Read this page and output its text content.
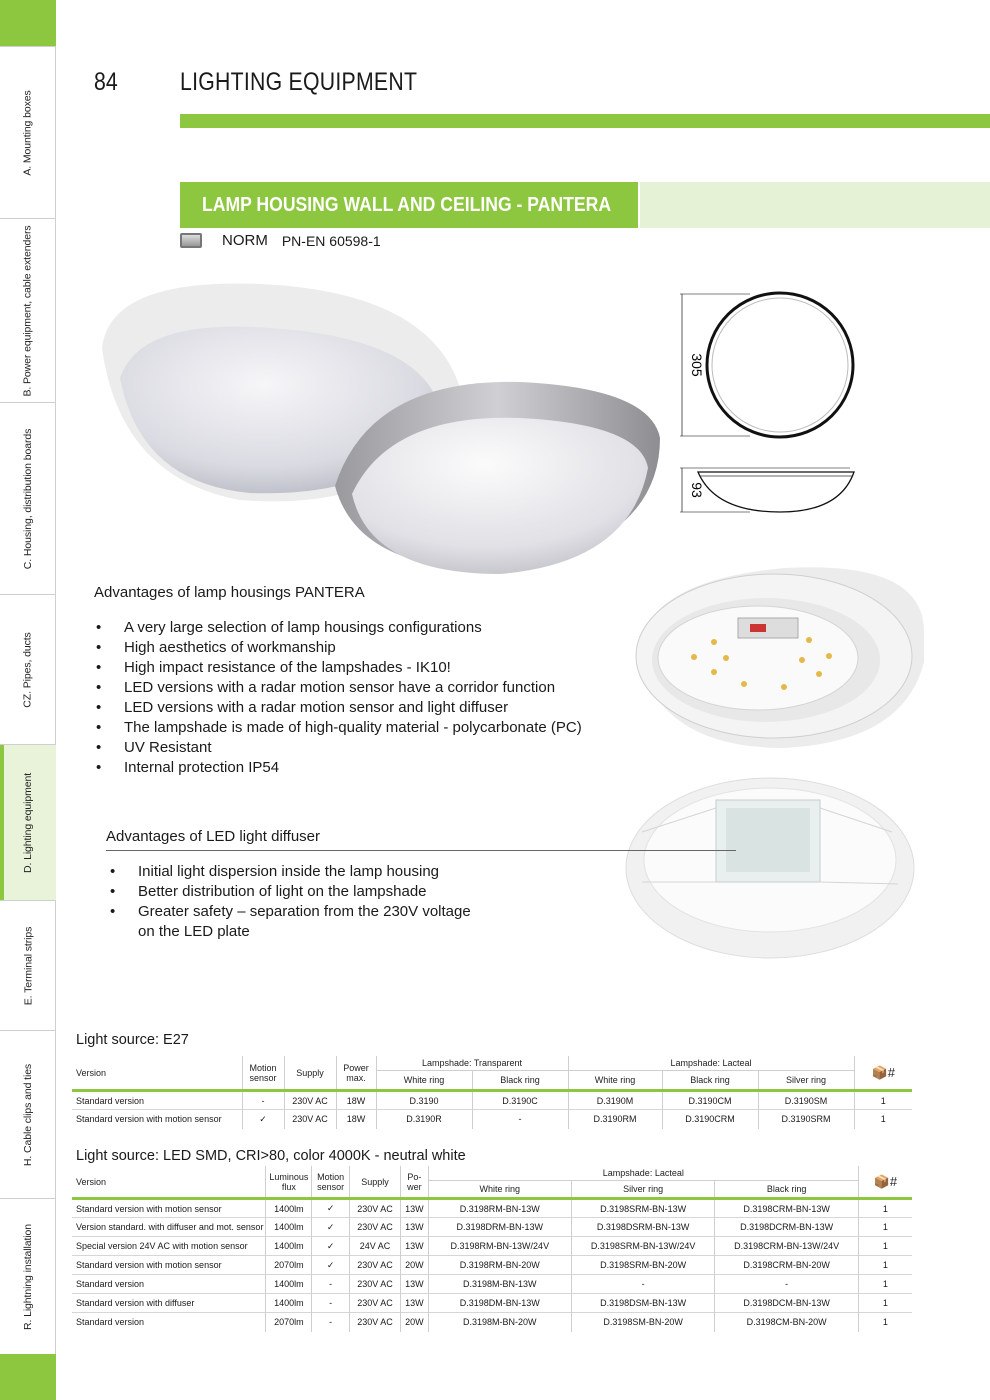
A. Mounting boxes
B. Power equipment, cable extenders
C. Housing, distribution boards
CZ. Pipes, ducts
D. Lighting equipment
E. Terminal strips
H. Cable clips and ties
R. Lightning installation
84 LIGHTING EQUIPMENT
LAMP HOUSING WALL AND CEILING - PANTERA
NORM PN-EN 60598-1
305
93
Advantages of lamp housings PANTERA
• A very large selection of lamp housings configurations
• High aesthetics of workmanship
• High impact resistance of the lampshades - IK10!
• LED versions with a radar motion sensor have a corridor function
• LED versions with a radar motion sensor and light diffuser
• The lampshade is made of high-quality material - polycarbonate (PC)
• UV Resistant
• Internal protection IP54
Advantages of LED light diffuser
• Initial light dispersion inside the lamp housing
• Better distribution of light on the lampshade
• Greater safety – separation from the 230V voltage on the LED plate
Light source: E27
Version	Motion sensor	Supply	Power max.	Lampshade: Transparent		Lampshade: Lacteal			📦#
				White ring	Black ring	White ring	Black ring	Silver ring	
Standard version	-	230V AC	18W	D.3190	D.3190C	D.3190M	D.3190CM	D.3190SM	1
Standard version with motion sensor	✓	230V AC	18W	D.3190R	-	D.3190RM	D.3190CRM	D.3190SRM	1
Light source: LED SMD, CRI>80, color 4000K - neutral white
Version	Luminous flux	Motion sensor	Supply	Po- wer	Lampshade: Lacteal			📦#
					White ring	Silver ring	Black ring	
Standard version with motion sensor	1400lm	✓	230V AC	13W	D.3198RM-BN-13W	D.3198SRM-BN-13W	D.3198CRM-BN-13W	1
Version standard. with diffuser and mot. sensor	1400lm	✓	230V AC	13W	D.3198DRM-BN-13W	D.3198DSRM-BN-13W	D.3198DCRM-BN-13W	1
Special version 24V AC with motion sensor	1400lm	✓	24V AC	13W	D.3198RM-BN-13W/24V	D.3198SRM-BN-13W/24V	D.3198CRM-BN-13W/24V	1
Standard version with motion sensor	2070lm	✓	230V AC	20W	D.3198RM-BN-20W	D.3198SRM-BN-20W	D.3198CRM-BN-20W	1
Standard version	1400lm	-	230V AC	13W	D.3198M-BN-13W	-	-	1
Standard version with diffuser	1400lm	-	230V AC	13W	D.3198DM-BN-13W	D.3198DSM-BN-13W	D.3198DCM-BN-13W	1
Standard version	2070lm	-	230V AC	20W	D.3198M-BN-20W	D.3198SM-BN-20W	D.3198CM-BN-20W	1
